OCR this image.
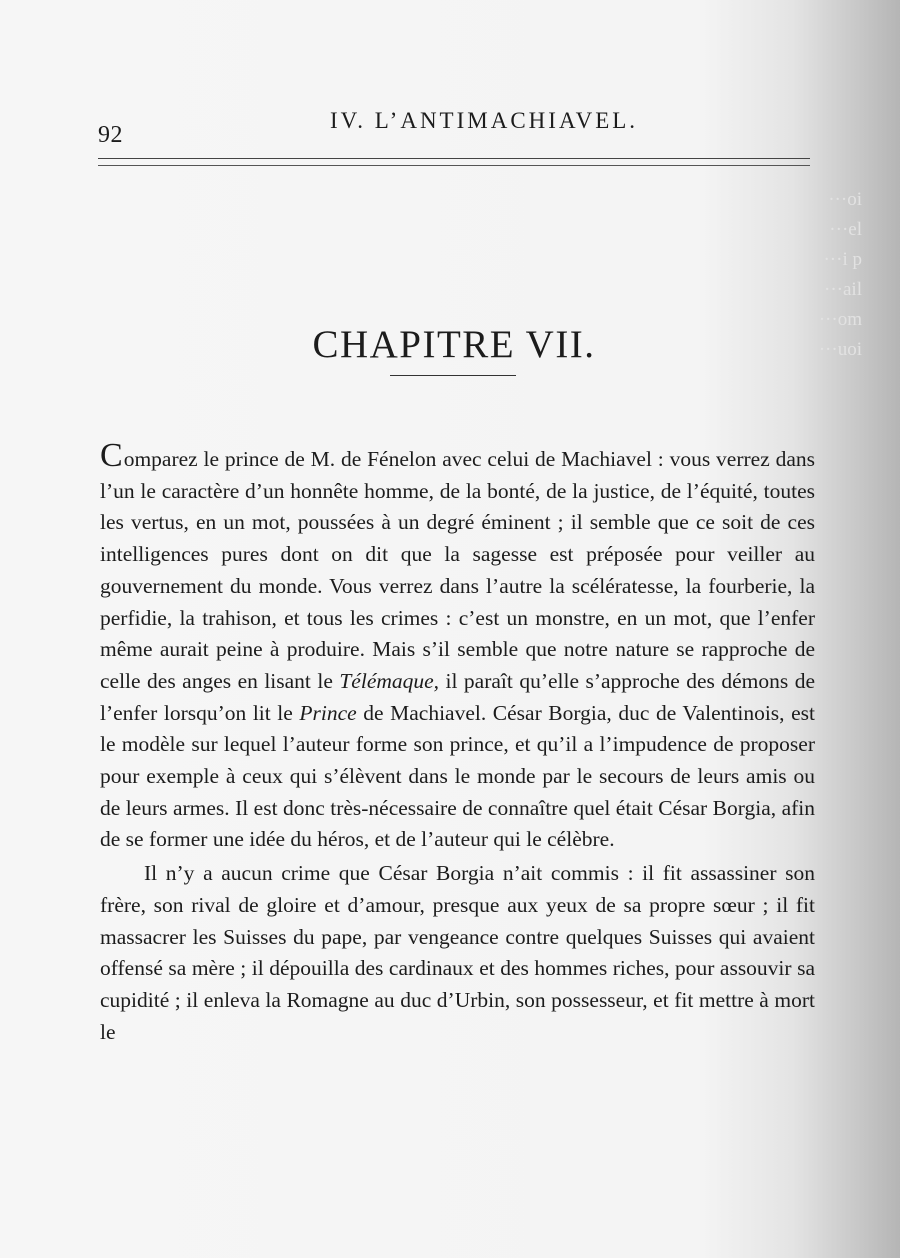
···oi
···el
···i p
···ail
···om
···uoi
92
IV. L’ANTIMACHIAVEL.
CHAPITRE VII.

Comparez le prince de M. de Fénelon avec celui de Machiavel : vous verrez dans l’un le caractère d’un honnête homme, de la bonté, de la justice, de l’équité, toutes les vertus, en un mot, poussées à un degré éminent ; il semble que ce soit de ces intelligences pures dont on dit que la sagesse est préposée pour veiller au gouvernement du monde. Vous verrez dans l’autre la scélératesse, la fourberie, la perfidie, la trahison, et tous les crimes : c’est un monstre, en un mot, que l’enfer même aurait peine à produire. Mais s’il semble que notre nature se rapproche de celle des anges en lisant le Télémaque, il paraît qu’elle s’approche des démons de l’enfer lorsqu’on lit le Prince de Machiavel. César Borgia, duc de Valentinois, est le modèle sur lequel l’auteur forme son prince, et qu’il a l’impudence de proposer pour exemple à ceux qui s’élèvent dans le monde par le secours de leurs amis ou de leurs armes. Il est donc très-nécessaire de connaître quel était César Borgia, afin de se former une idée du héros, et de l’auteur qui le célèbre.

Il n’y a aucun crime que César Borgia n’ait commis : il fit assassiner son frère, son rival de gloire et d’amour, presque aux yeux de sa propre sœur ; il fit massacrer les Suisses du pape, par vengeance contre quelques Suisses qui avaient offensé sa mère ; il dépouilla des cardinaux et des hommes riches, pour assouvir sa cupidité ; il enleva la Romagne au duc d’Urbin, son possesseur, et fit mettre à mort le
